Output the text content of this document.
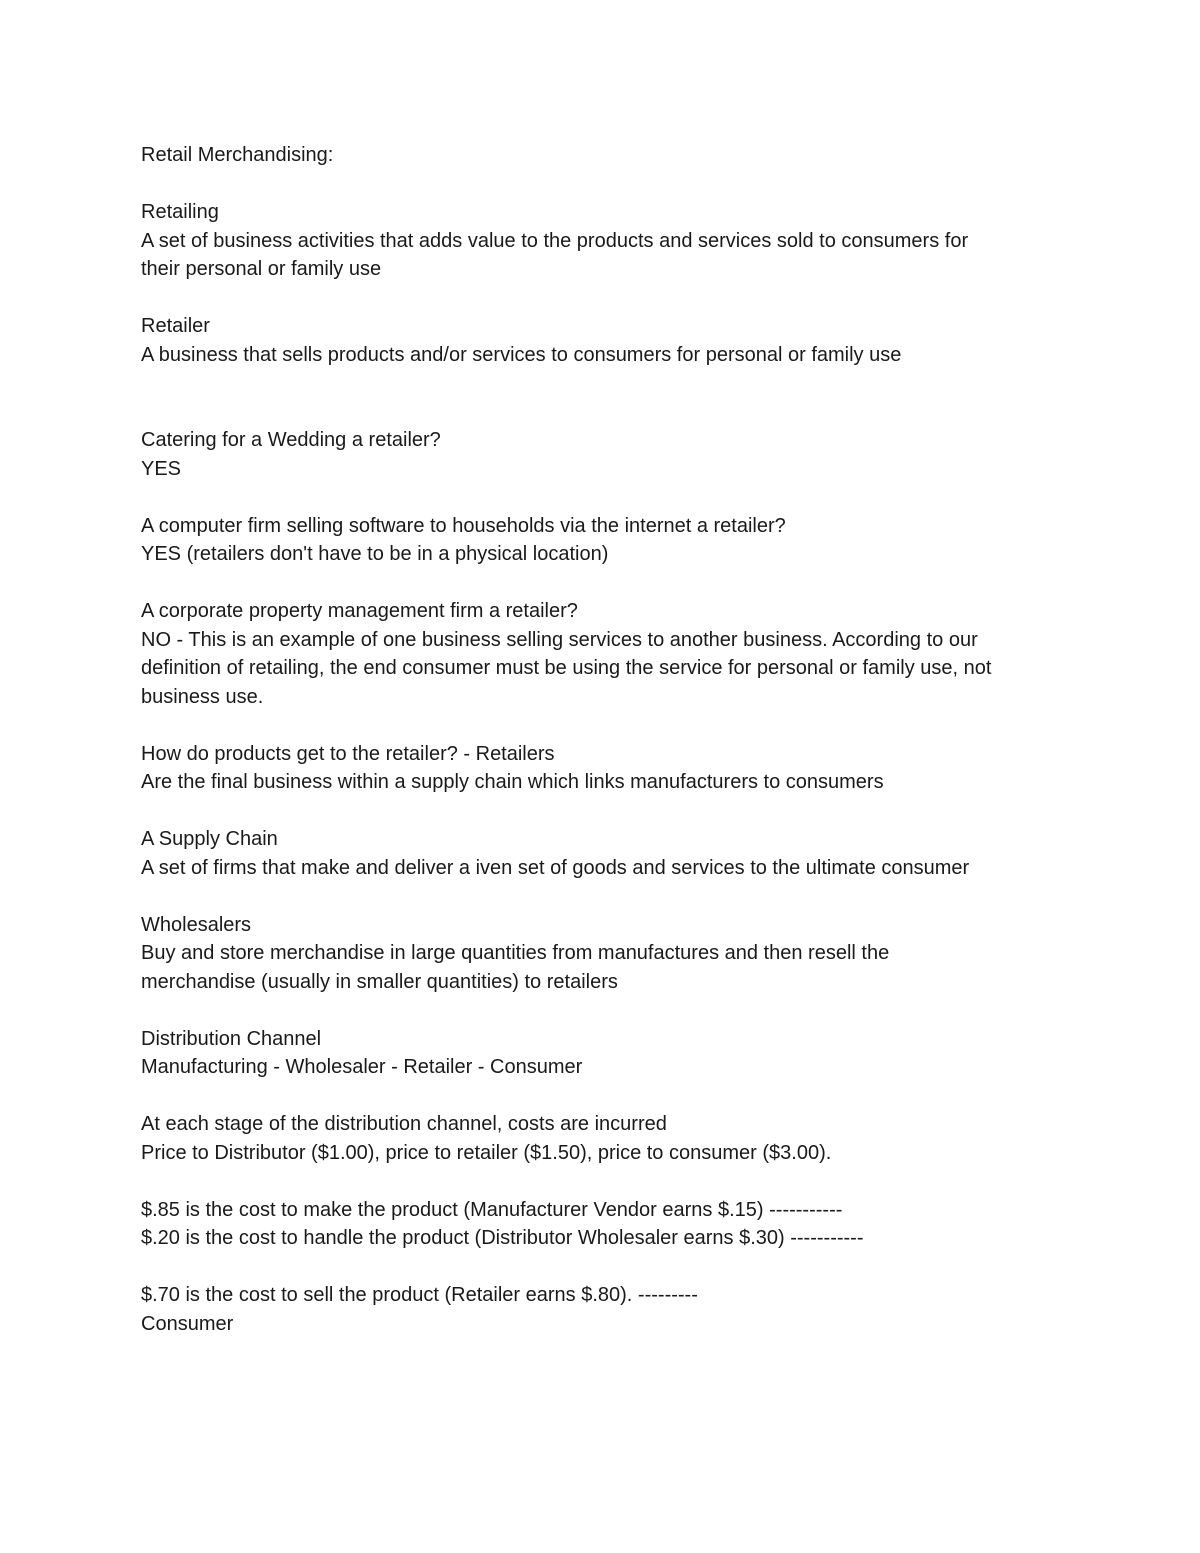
Retail Merchandising:
Retailing
A set of business activities that adds value to the products and services sold to consumers for
their personal or family use
Retailer
A business that sells products and/or services to consumers for personal or family use
Catering for a Wedding a retailer?
YES
A computer firm selling software to households via the internet a retailer?
YES (retailers don't have to be in a physical location)
A corporate property management firm a retailer?
NO - This is an example of one business selling services to another business. According to our
definition of retailing, the end consumer must be using the service for personal or family use, not
business use.
How do products get to the retailer? - Retailers
Are the final business within a supply chain which links manufacturers to consumers
A Supply Chain
A set of firms that make and deliver a iven set of goods and services to the ultimate consumer
Wholesalers
Buy and store merchandise in large quantities from manufactures and then resell the
merchandise (usually in smaller quantities) to retailers
Distribution Channel
Manufacturing - Wholesaler - Retailer - Consumer
At each stage of the distribution channel, costs are incurred
Price to Distributor ($1.00), price to retailer ($1.50), price to consumer ($3.00).
$.85 is the cost to make the product (Manufacturer Vendor earns $.15) -----------
$.20 is the cost to handle the product (Distributor Wholesaler earns $.30) -----------
$.70 is the cost to sell the product (Retailer earns $.80). ---------
Consumer
